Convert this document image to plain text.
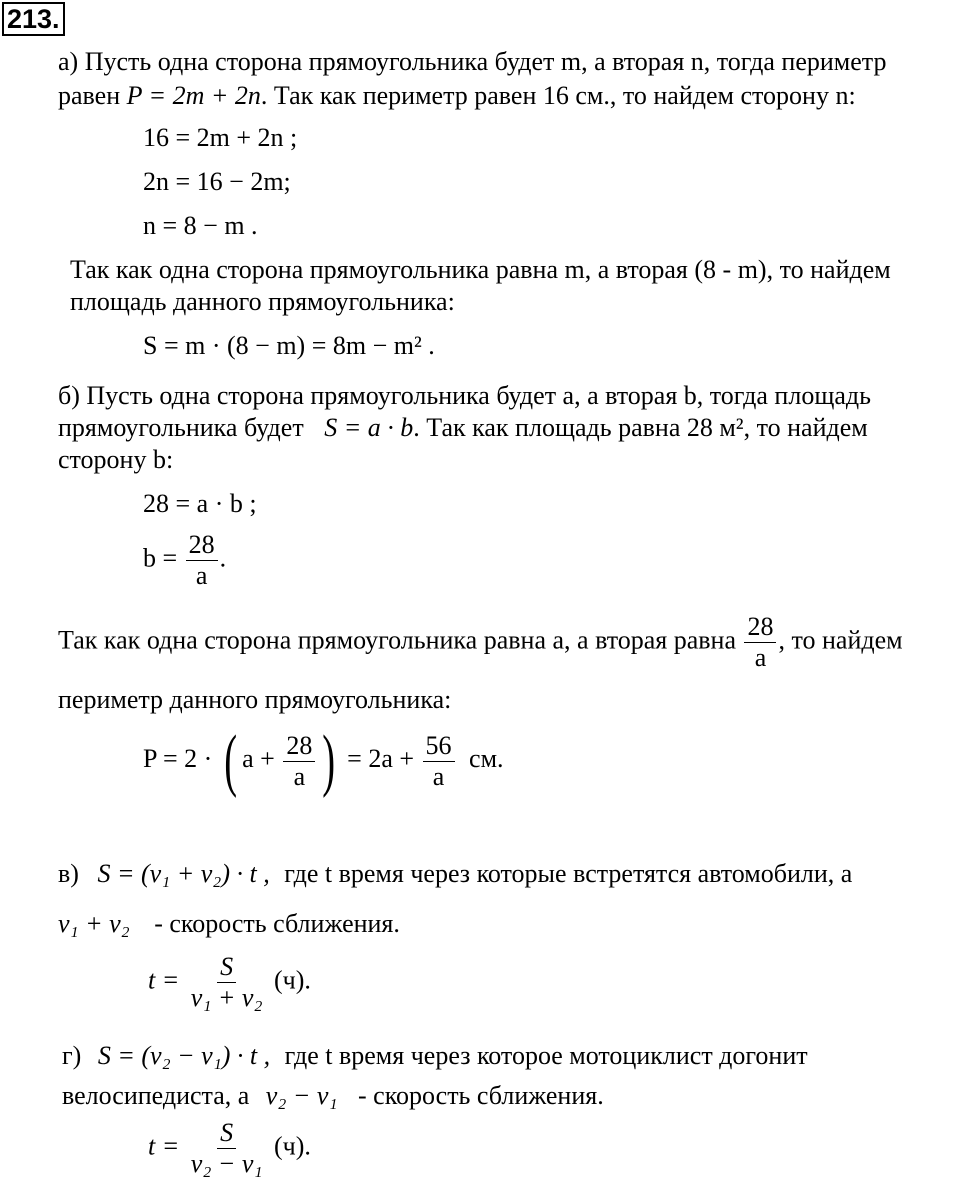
213.
а) Пусть одна сторона прямоугольника будет m, а вторая n, тогда периметр
равен P = 2m + 2n. Так как периметр равен 16 см., то найдем сторону n:
16 = 2m + 2n ;
2n = 16 − 2m;
n = 8 − m .
Так как одна сторона прямоугольника равна m, а вторая (8 - m), то найдем
площадь данного прямоугольника:
S = m · (8 − m) = 8m − m² .
б) Пусть одна сторона прямоугольника будет a, а вторая b, тогда площадь
прямоугольника будет S = a · b. Так как площадь равна 28 м², то найдем
сторону b:
28 = a · b ;
$b = \frac{28}{a}$ .
Так как одна сторона прямоугольника равна a, а вторая равна $\frac{28}{a}$ , то найдем
периметр данного прямоугольника:
P = 2 · ( $a + \frac{28}{a}$ ) = $2a + \frac{56}{a}$ см.
в) S = (v₁ + v₂) · t , где t время через которые встретятся автомобили, а
v₁ + v₂ - скорость сближения.
$t = \frac{S}{\text{v₁ + v₂}} (ч)$.
г) S = (v₂ − v₁) · t , где t время через которое мотоциклист догонит
велосипедиста, а v₂ − v₁ - скорость сближения.
$t = \frac{S}{\text{v₂ − v₁}} (ч)$.
